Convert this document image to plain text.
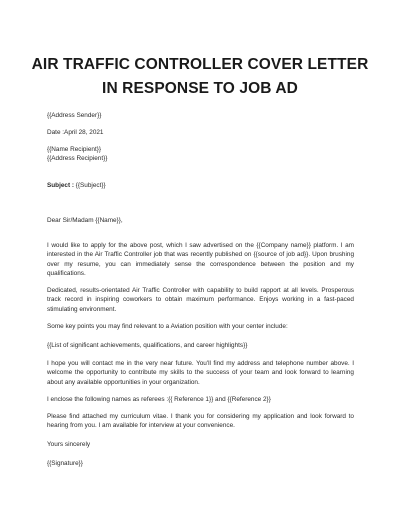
AIR TRAFFIC CONTROLLER COVER LETTER
IN RESPONSE TO JOB AD
{{Address Sender}}
Date :April 28, 2021
{{Name Recipient}}
{{Address Recipient}}
Subject : {{Subject}}
Dear Sir/Madam {{Name}},
I would like to apply for the above post, which I saw advertised on the {{Company name}} platform. I am interested in the Air Traffic Controller job that was recently published on {{source of job ad}}. Upon brushing over my resume, you can immediately sense the correspondence between the position and my qualifications.
Dedicated, results-orientated Air Traffic Controller with capability to build rapport at all levels. Prosperous track record in inspiring coworkers to obtain maximum performance. Enjoys working in a fast-paced stimulating environment.
Some key points you may find relevant to a Aviation position with your center include:
{{List of significant achievements, qualifications, and career highlights}}
I hope you will contact me in the very near future. You'll find my address and telephone number above. I welcome the opportunity to contribute my skills to the success of your team and look forward to learning about any available opportunities in your organization.
I enclose the following names as referees :{{ Reference 1}} and {{Reference 2}}
Please find attached my curriculum vitae. I thank you for considering my application and look forward to hearing from you. I am available for interview at your convenience.
Yours sincerely
{{Signature}}
